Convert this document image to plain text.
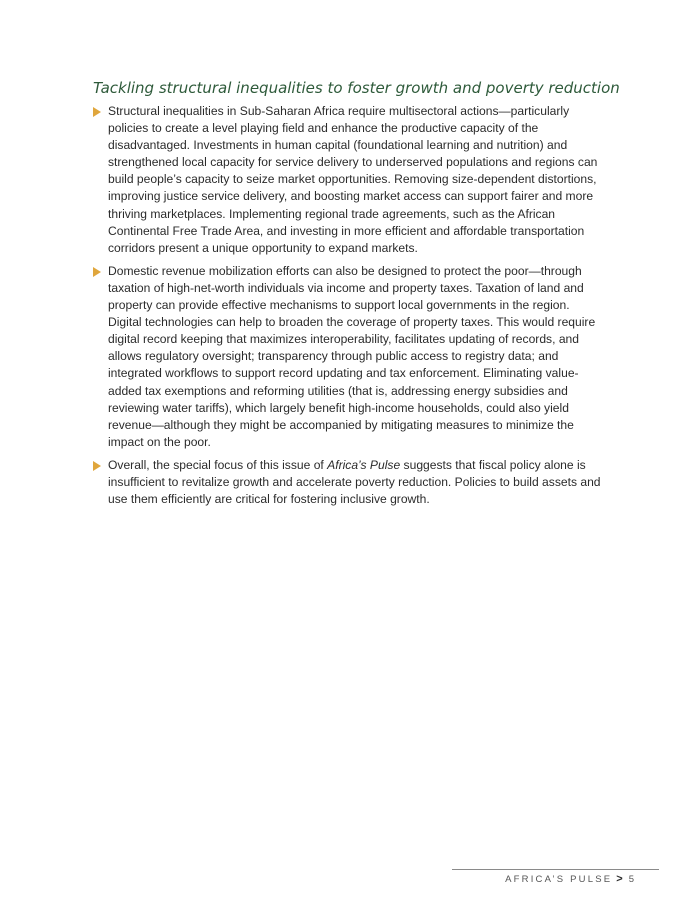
Tackling structural inequalities to foster growth and poverty reduction
Structural inequalities in Sub-Saharan Africa require multisectoral actions—particularly policies to create a level playing field and enhance the productive capacity of the disadvantaged. Investments in human capital (foundational learning and nutrition) and strengthened local capacity for service delivery to underserved populations and regions can build people’s capacity to seize market opportunities. Removing size-dependent distortions, improving justice service delivery, and boosting market access can support fairer and more thriving marketplaces. Implementing regional trade agreements, such as the African Continental Free Trade Area, and investing in more efficient and affordable transportation corridors present a unique opportunity to expand markets.
Domestic revenue mobilization efforts can also be designed to protect the poor—through taxation of high-net-worth individuals via income and property taxes. Taxation of land and property can provide effective mechanisms to support local governments in the region. Digital technologies can help to broaden the coverage of property taxes. This would require digital record keeping that maximizes interoperability, facilitates updating of records, and allows regulatory oversight; transparency through public access to registry data; and integrated workflows to support record updating and tax enforcement. Eliminating value-added tax exemptions and reforming utilities (that is, addressing energy subsidies and reviewing water tariffs), which largely benefit high-income households, could also yield revenue—although they might be accompanied by mitigating measures to minimize the impact on the poor.
Overall, the special focus of this issue of Africa’s Pulse suggests that fiscal policy alone is insufficient to revitalize growth and accelerate poverty reduction. Policies to build assets and use them efficiently are critical for fostering inclusive growth.
AFRICA’S PULSE > 5
